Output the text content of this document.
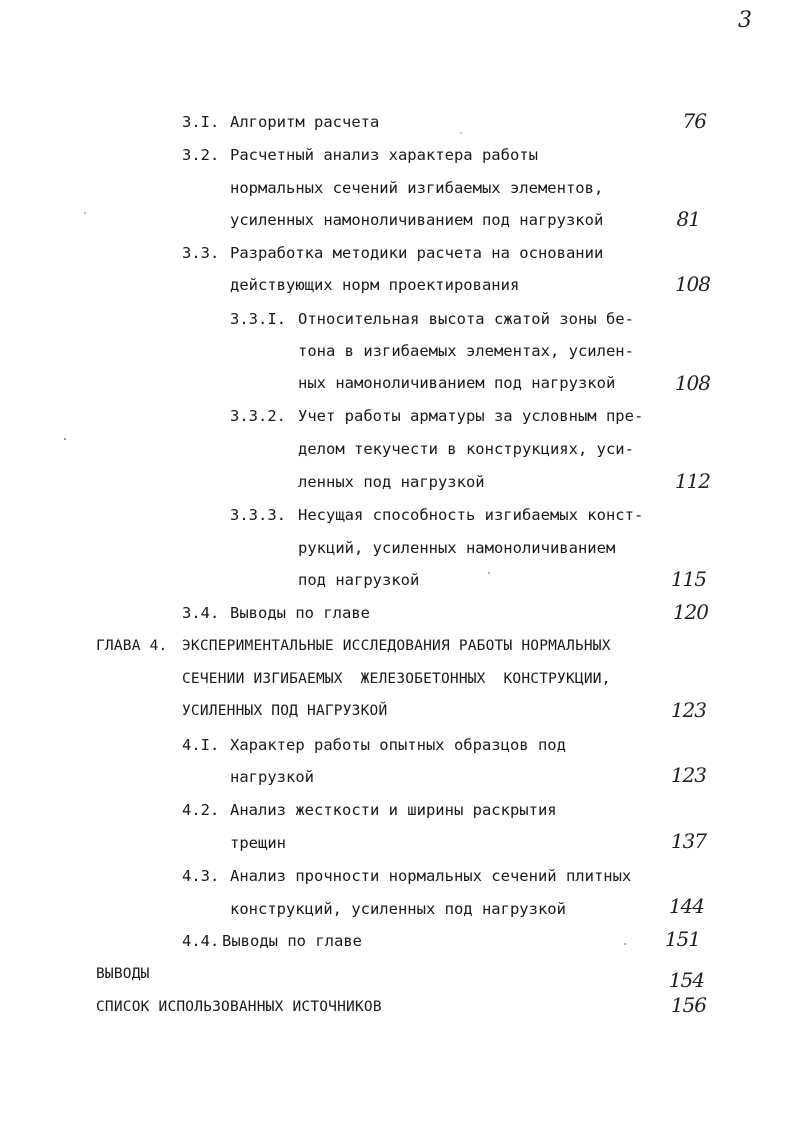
3
3.I. Алгоритм расчета	76
3.2. Расчетный анализ характера работы
нормальных сечений изгибаемых элементов,
усиленных намоноличиванием под нагрузкой	81
3.3. Разработка методики расчета на основании
действующих норм проектирования	108
3.3.I. Относительная высота сжатой зоны бе-
тона в изгибаемых элементах, усилен-
ных намоноличиванием под нагрузкой	108
3.3.2. Учет работы арматуры за условным пре-
делом текучести в конструкциях, уси-
ленных под нагрузкой	112
3.3.3. Несущая способность изгибаемых конст-
рукций, усиленных намоноличиванием
под нагрузкой	115
3.4. Выводы по главе	120
ГЛАВА 4. ЭКСПЕРИМЕНТАЛЬНЫЕ ИССЛЕДОВАНИЯ РАБОТЫ НОРМАЛЬНЫХ
СЕЧЕНИИ ИЗГИБАЕМЫХ  ЖЕЛЕЗОБЕТОННЫХ  КОНСТРУКЦИИ,
УСИЛЕННЫХ ПОД НАГРУЗКОЙ	123
4.I. Характер работы опытных образцов под
нагрузкой	123
4.2. Анализ жесткости и ширины раскрытия
трещин	137
4.3. Анализ прочности нормальных сечений плитных
конструкций, усиленных под нагрузкой	144
4.4. Выводы по главе	151
ВЫВОДЫ	154
СПИСОК ИСПОЛЬЗОВАННЫХ ИСТОЧНИКОВ	156
